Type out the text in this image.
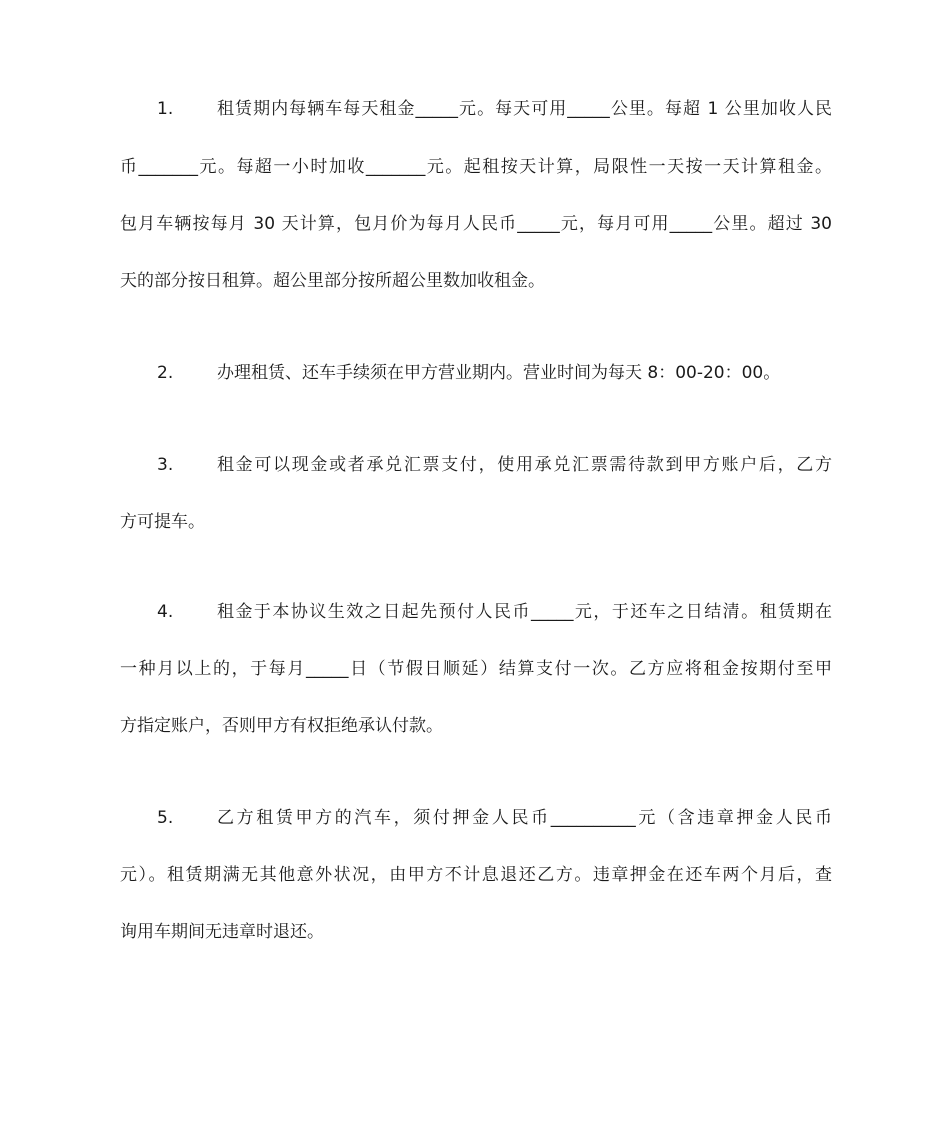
1.	租赁期内每辆车每天租金_____元。每天可用_____公里。每超 1 公里加收人民
币_______元。每超一小时加收_______元。起租按天计算，局限性一天按一天计算租金。
包月车辆按每月 30 天计算，包月价为每月人民币_____元，每月可用_____公里。超过 30
天的部分按日租算。超公里部分按所超公里数加收租金。
2.	办理租赁、还车手续须在甲方营业期内。营业时间为每天 8：00-20：00。
3.	租金可以现金或者承兑汇票支付，使用承兑汇票需待款到甲方账户后，乙方
方可提车。
4.	租金于本协议生效之日起先预付人民币_____元，于还车之日结清。租赁期在
一种月以上的，于每月_____日（节假日顺延）结算支付一次。乙方应将租金按期付至甲
方指定账户，否则甲方有权拒绝承认付款。
5.	乙方租赁甲方的汽车，须付押金人民币__________元（含违章押金人民币
元）。租赁期满无其他意外状况，由甲方不计息退还乙方。违章押金在还车两个月后，查
询用车期间无违章时退还。
